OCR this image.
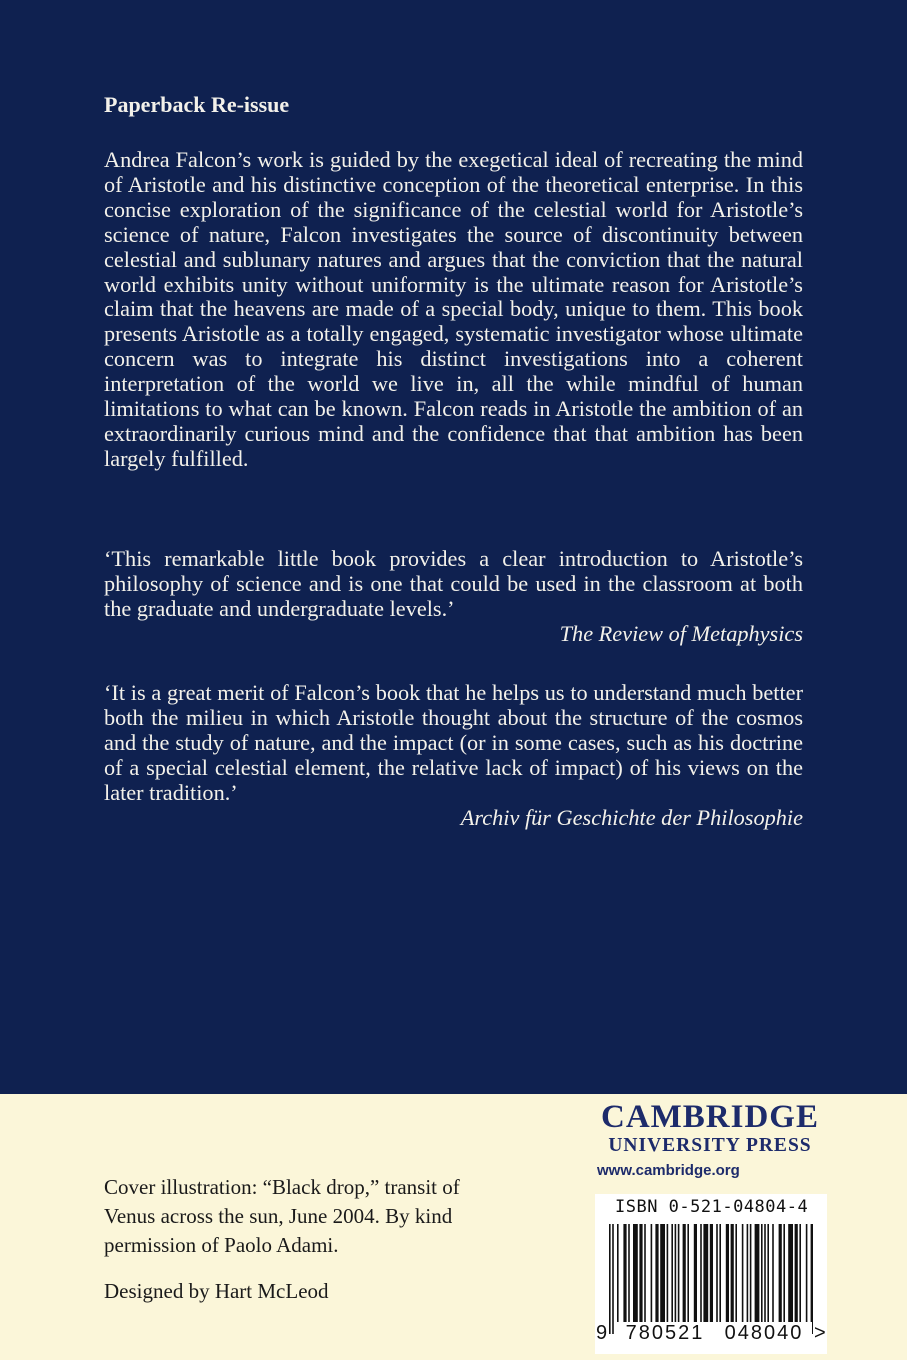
Paperback Re-issue
Andrea Falcon’s work is guided by the exegetical ideal of recreating the mind of Aristotle and his distinctive conception of the theoretical enterprise. In this concise exploration of the significance of the celestial world for Aristotle’s science of nature, Falcon investigates the source of discontinuity between celestial and sublunary natures and argues that the conviction that the natural world exhibits unity without uniformity is the ultimate reason for Aristotle’s claim that the heavens are made of a special body, unique to them. This book presents Aristotle as a totally engaged, systematic investigator whose ultimate concern was to integrate his distinct investigations into a coherent interpretation of the world we live in, all the while mindful of human limitations to what can be known. Falcon reads in Aristotle the ambition of an extraordinarily curious mind and the confidence that that ambition has been largely fulfilled.
‘This remarkable little book provides a clear introduction to Aristotle’s philosophy of science and is one that could be used in the classroom at both the graduate and undergraduate levels.’
The Review of Metaphysics
‘It is a great merit of Falcon’s book that he helps us to understand much better both the milieu in which Aristotle thought about the structure of the cosmos and the study of nature, and the impact (or in some cases, such as his doctrine of a special celestial element, the relative lack of impact) of his views on the later tradition.’
Archiv für Geschichte der Philosophie
Cover illustration: “Black drop,” transit of Venus across the sun, June 2004. By kind permission of Paolo Adami.
Designed by Hart McLeod
CAMBRIDGE
UNIVERSITY PRESS
www.cambridge.org
ISBN 0-521-04804-4
9 780521	048040 >
